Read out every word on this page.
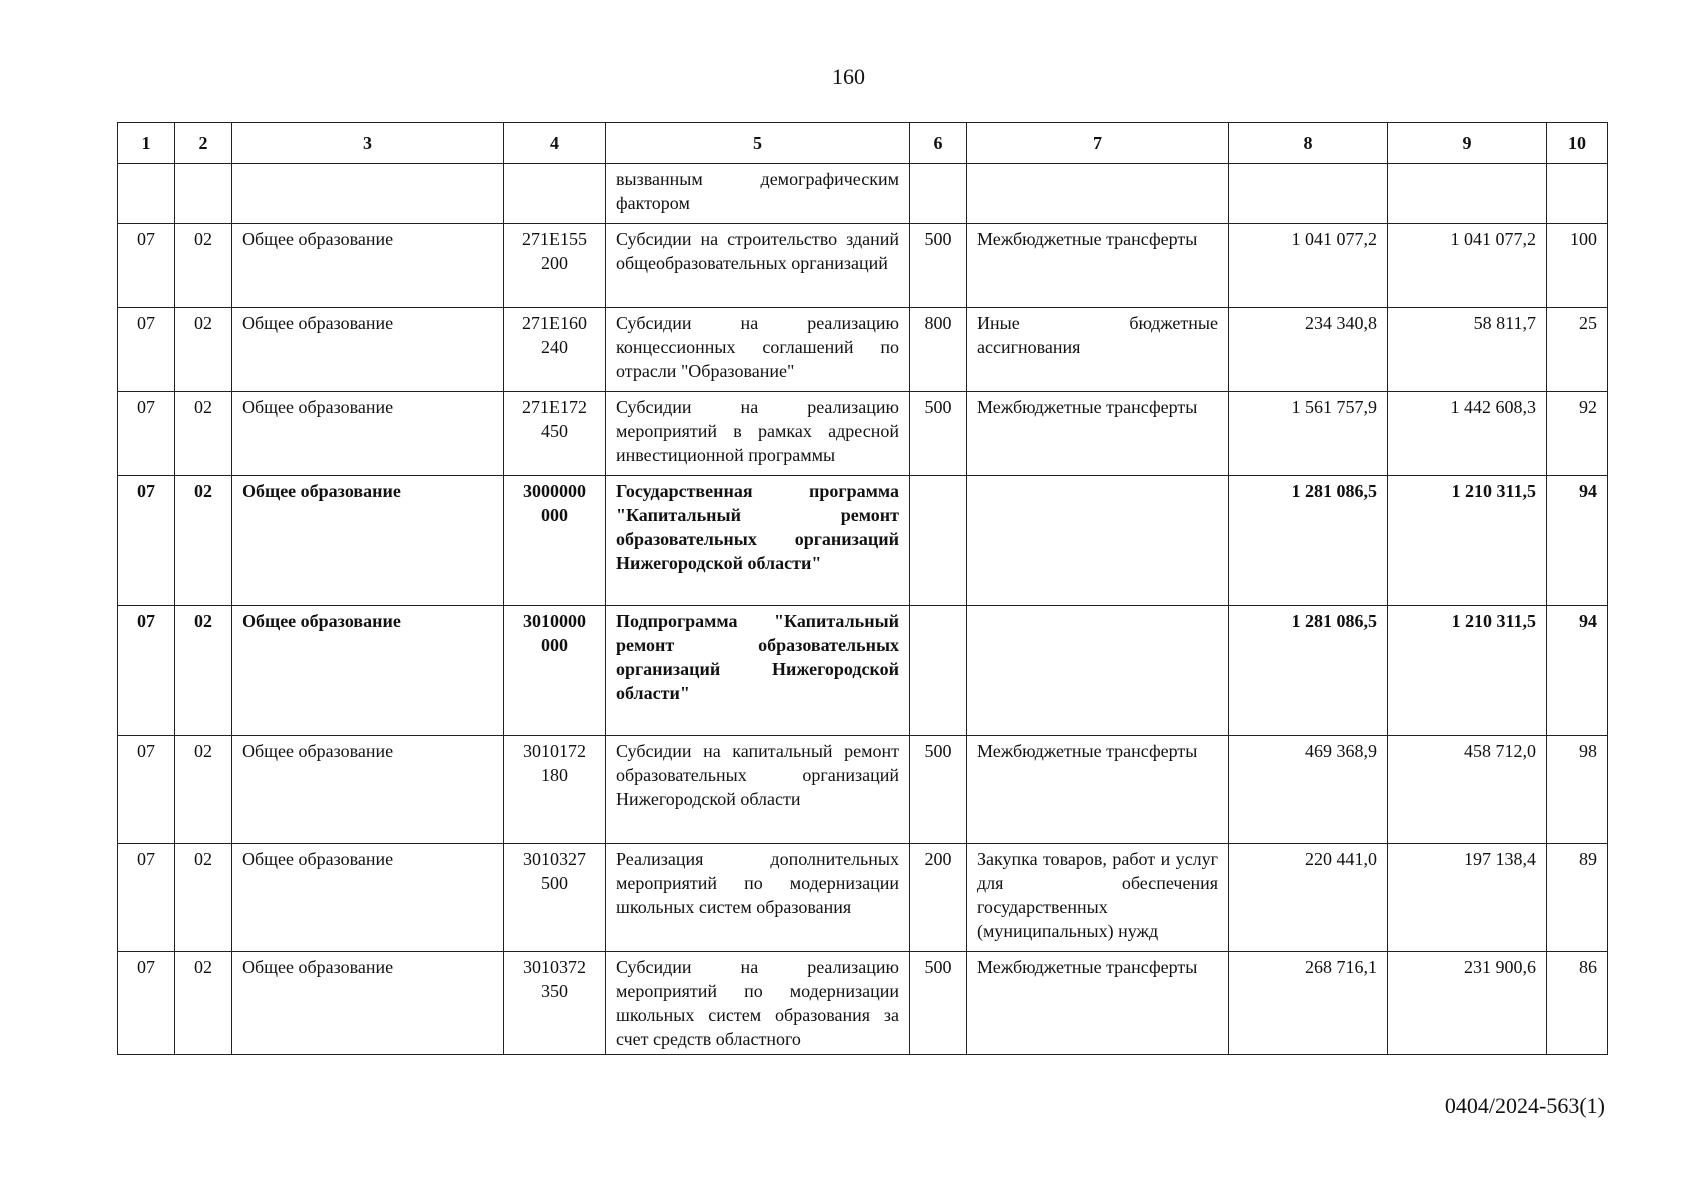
160
1	2	3	4	5	6	7	8	9	10
				вызванным демографическим фактором					
07	02	Общее образование	271E155 200	Субсидии на строительство зданий общеобразовательных организаций	500	Межбюджетные трансферты	1 041 077,2	1 041 077,2	100
07	02	Общее образование	271E160 240	Субсидии на реализацию концессионных соглашений по отрасли "Образование"	800	Иные бюджетные ассигнования	234 340,8	58 811,7	25
07	02	Общее образование	271E172 450	Субсидии на реализацию мероприятий в рамках адресной инвестиционной программы	500	Межбюджетные трансферты	1 561 757,9	1 442 608,3	92
07	02	Общее образование	3000000 000	Государственная программа "Капитальный ремонт образовательных организаций Нижегородской области"			1 281 086,5	1 210 311,5	94
07	02	Общее образование	3010000 000	Подпрограмма "Капитальный ремонт образовательных организаций Нижегородской области"			1 281 086,5	1 210 311,5	94
07	02	Общее образование	3010172 180	Субсидии на капитальный ремонт образовательных организаций Нижегородской области	500	Межбюджетные трансферты	469 368,9	458 712,0	98
07	02	Общее образование	3010327 500	Реализация дополнительных мероприятий по модернизации школьных систем образования	200	Закупка товаров, работ и услуг для обеспечения государственных (муниципальных) нужд	220 441,0	197 138,4	89
07	02	Общее образование	3010372 350	Субсидии на реализацию мероприятий по модернизации школьных систем образования за счет средств областного	500	Межбюджетные трансферты	268 716,1	231 900,6	86
0404/2024-563(1)
